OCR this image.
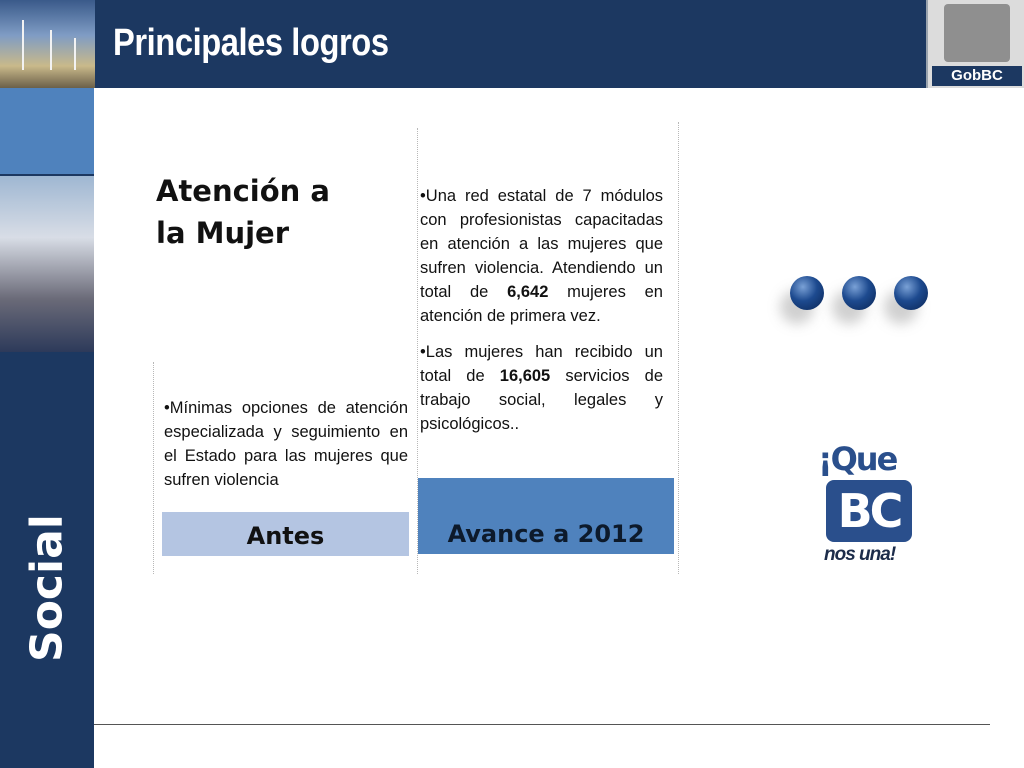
Principales logros
GobBC
Social
Atención a
la Mujer
•Mínimas opciones de atención especializada y seguimiento en el Estado para las mujeres que sufren violencia
Antes

•Una red estatal de 7 módulos con profesionistas capacitadas en atención a las mujeres que sufren violencia. Atendiendo un total de 6,642 mujeres en atención de primera vez.

•Las mujeres han recibido un total de 16,605 servicios de trabajo social, legales y psicológicos..

Avance a 2012
¡Que
BC
nos una!
